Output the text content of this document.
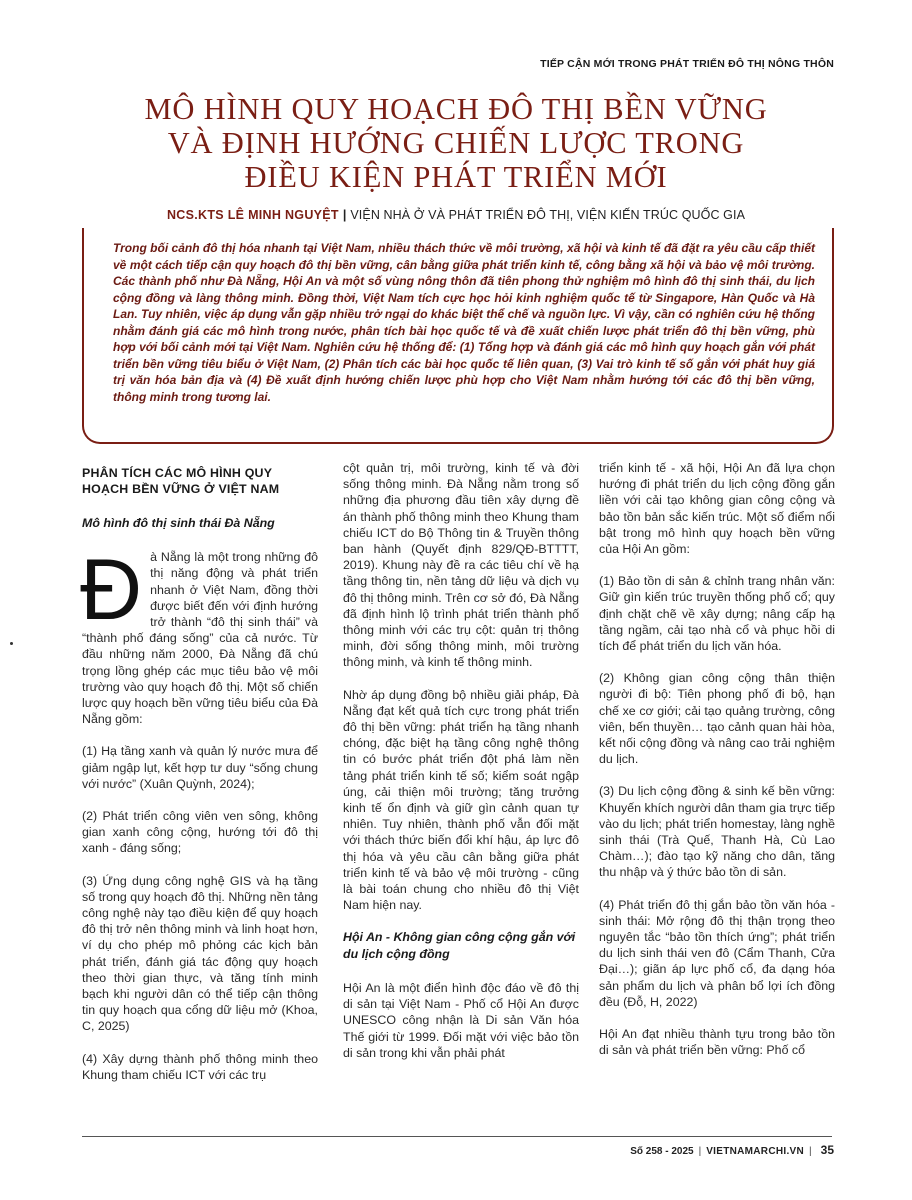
TIẾP CẬN MỚI TRONG PHÁT TRIỂN ĐÔ THỊ NÔNG THÔN
MÔ HÌNH QUY HOẠCH ĐÔ THỊ BỀN VỮNG
VÀ ĐỊNH HƯỚNG CHIẾN LƯỢC TRONG
ĐIỀU KIỆN PHÁT TRIỂN MỚI
NCS.KTS LÊ MINH NGUYỆT | VIỆN NHÀ Ở VÀ PHÁT TRIỂN ĐÔ THỊ, VIỆN KIẾN TRÚC QUỐC GIA

Trong bối cảnh đô thị hóa nhanh tại Việt Nam, nhiều thách thức về môi trường, xã hội và kinh tế đã đặt ra yêu cầu cấp thiết về một cách tiếp cận quy hoạch đô thị bền vững, cân bằng giữa phát triển kinh tế, công bằng xã hội và bảo vệ môi trường. Các thành phố như Đà Nẵng, Hội An và một số vùng nông thôn đã tiên phong thử nghiệm mô hình đô thị sinh thái, du lịch cộng đồng và làng thông minh. Đồng thời, Việt Nam tích cực học hỏi kinh nghiệm quốc tế từ Singapore, Hàn Quốc và Hà Lan. Tuy nhiên, việc áp dụng vẫn gặp nhiều trở ngại do khác biệt thể chế và nguồn lực. Vì vậy, cần có nghiên cứu hệ thống nhằm đánh giá các mô hình trong nước, phân tích bài học quốc tế và đề xuất chiến lược phát triển đô thị bền vững, phù hợp với bối cảnh mới tại Việt Nam. Nghiên cứu hệ thống để: (1) Tổng hợp và đánh giá các mô hình quy hoạch gắn với phát triển bền vững tiêu biểu ở Việt Nam, (2) Phân tích các bài học quốc tế liên quan, (3) Vai trò kinh tế số gắn với phát huy giá trị văn hóa bản địa và (4) Đề xuất định hướng chiến lược phù hợp cho Việt Nam nhằm hướng tới các đô thị bền vững, thông minh trong tương lai.

PHÂN TÍCH CÁC MÔ HÌNH QUY HOẠCH BỀN VỮNG Ở VIỆT NAM
Mô hình đô thị sinh thái Đà Nẵng

Đà Nẵng là một trong những đô thị năng động và phát triển nhanh ở Việt Nam, đồng thời được biết đến với định hướng trở thành “đô thị sinh thái” và “thành phố đáng sống” của cả nước. Từ đầu những năm 2000, Đà Nẵng đã chú trọng lồng ghép các mục tiêu bảo vệ môi trường vào quy hoạch đô thị. Một số chiến lược quy hoạch bền vững tiêu biểu của Đà Nẵng gồm:

(1) Hạ tầng xanh và quản lý nước mưa để giảm ngập lụt, kết hợp tư duy “sống chung với nước” (Xuân Quỳnh, 2024);

(2) Phát triển công viên ven sông, không gian xanh công cộng, hướng tới đô thị xanh - đáng sống;

(3) Ứng dụng công nghệ GIS và hạ tầng số trong quy hoạch đô thị. Những nền tảng công nghệ này tạo điều kiện để quy hoạch đô thị trở nên thông minh và linh hoạt hơn, ví dụ cho phép mô phỏng các kịch bản phát triển, đánh giá tác động quy hoạch theo thời gian thực, và tăng tính minh bạch khi người dân có thể tiếp cận thông tin quy hoạch qua cổng dữ liệu mở (Khoa, C, 2025)

(4) Xây dựng thành phố thông minh theo Khung tham chiếu ICT với các trụ

cột quản trị, môi trường, kinh tế và đời sống thông minh. Đà Nẵng nằm trong số những địa phương đầu tiên xây dựng đề án thành phố thông minh theo Khung tham chiếu ICT do Bộ Thông tin & Truyền thông ban hành (Quyết định 829/QĐ-BTTTT, 2019). Khung này đề ra các tiêu chí về hạ tầng thông tin, nền tảng dữ liệu và dịch vụ đô thị thông minh. Trên cơ sở đó, Đà Nẵng đã định hình lộ trình phát triển thành phố thông minh với các trụ cột: quản trị thông minh, đời sống thông minh, môi trường thông minh, và kinh tế thông minh.

Nhờ áp dụng đồng bộ nhiều giải pháp, Đà Nẵng đạt kết quả tích cực trong phát triển đô thị bền vững: phát triển hạ tầng nhanh chóng, đặc biệt hạ tầng công nghệ thông tin có bước phát triển đột phá làm nền tảng phát triển kinh tế số; kiểm soát ngập úng, cải thiện môi trường; tăng trưởng kinh tế ổn định và giữ gìn cảnh quan tự nhiên. Tuy nhiên, thành phố vẫn đối mặt với thách thức biến đổi khí hậu, áp lực đô thị hóa và yêu cầu cân bằng giữa phát triển kinh tế và bảo vệ môi trường - cũng là bài toán chung cho nhiều đô thị Việt Nam hiện nay.

Hội An - Không gian công cộng gắn với du lịch cộng đồng

Hội An là một điển hình độc đáo về đô thị di sản tại Việt Nam - Phố cổ Hội An được UNESCO công nhận là Di sản Văn hóa Thế giới từ 1999. Đối mặt với việc bảo tồn di sản trong khi vẫn phải phát

triển kinh tế - xã hội, Hội An đã lựa chọn hướng đi phát triển du lịch cộng đồng gắn liền với cải tạo không gian công cộng và bảo tồn bản sắc kiến trúc. Một số điểm nổi bật trong mô hình quy hoạch bền vững của Hội An gồm:

(1) Bảo tồn di sản & chỉnh trang nhân văn: Giữ gìn kiến trúc truyền thống phố cổ; quy định chặt chẽ về xây dựng; nâng cấp hạ tầng ngầm, cải tạo nhà cổ và phục hồi di tích để phát triển du lịch văn hóa.

(2) Không gian công cộng thân thiện người đi bộ: Tiên phong phố đi bộ, hạn chế xe cơ giới; cải tạo quảng trường, công viên, bến thuyền… tạo cảnh quan hài hòa, kết nối cộng đồng và nâng cao trải nghiệm du lịch.

(3) Du lịch cộng đồng & sinh kế bền vững: Khuyến khích người dân tham gia trực tiếp vào du lịch; phát triển homestay, làng nghề sinh thái (Trà Quế, Thanh Hà, Cù Lao Chàm…); đào tạo kỹ năng cho dân, tăng thu nhập và ý thức bảo tồn di sản.

(4) Phát triển đô thị gắn bảo tồn văn hóa - sinh thái: Mở rộng đô thị thận trọng theo nguyên tắc “bảo tồn thích ứng”; phát triển du lịch sinh thái ven đô (Cẩm Thanh, Cửa Đại…); giãn áp lực phố cổ, đa dạng hóa sản phẩm du lịch và phân bổ lợi ích đồng đều (Đỗ, H, 2022)

Hội An đạt nhiều thành tựu trong bảo tồn di sản và phát triển bền vững: Phố cổ

Số 258 - 2025 | VIETNAMARCHI.VN | 35
